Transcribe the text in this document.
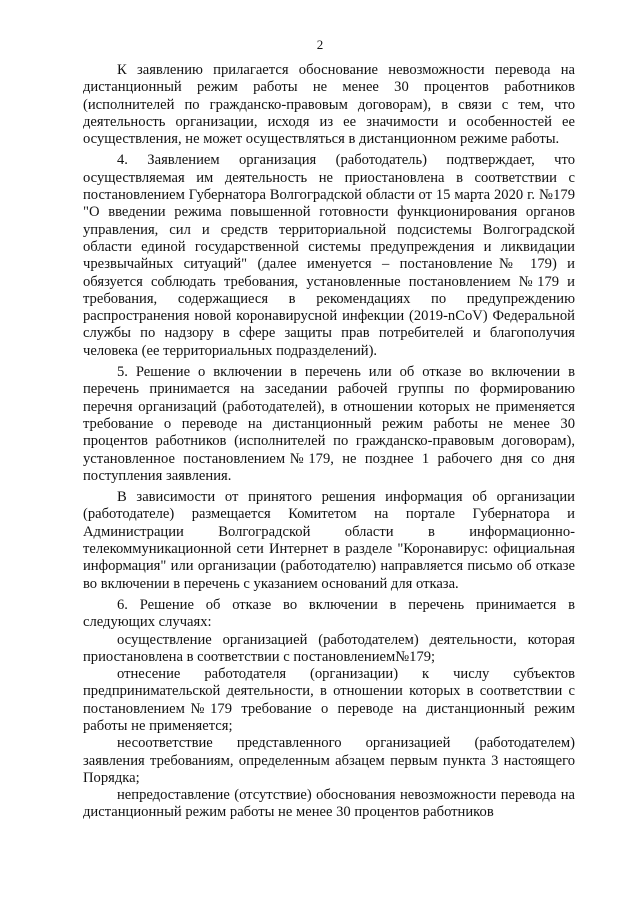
2

К заявлению прилагается обоснование невозможности перевода на дистанционный режим работы не менее 30 процентов работников (исполнителей по гражданско-правовым договорам), в связи с тем, что деятельность организации, исходя из ее значимости и особенностей ее осуществления, не может осуществляться в дистанционном режиме работы.

4. Заявлением организация (работодатель) подтверждает, что осуществляемая им деятельность не приостановлена в соответствии с постановлением Губернатора Волгоградской области от 15 марта 2020 г. №179 "О введении режима повышенной готовности функционирования органов управления, сил и средств территориальной подсистемы Волгоградской области единой государственной системы предупреждения и ликвидации чрезвычайных ситуаций" (далее именуется – постановление№ 179) и обязуется соблюдать требования, установленные постановлением №179 и требования, содержащиеся в рекомендациях по предупреждению распространения новой коронавирусной инфекции (2019-nCoV) Федеральной службы по надзору в сфере защиты прав потребителей и благополучия человека (ее территориальных подразделений).

5. Решение о включении в перечень или об отказе во включении в перечень принимается на заседании рабочей группы по формированию перечня организаций (работодателей), в отношении которых не применяется требование о переводе на дистанционный режим работы не менее 30 процентов работников (исполнителей по гражданско-правовым договорам), установленное постановлением№179, не позднее 1 рабочего дня со дня поступления заявления.

В зависимости от принятого решения информация об организации (работодателе) размещается Комитетом на портале Губернатора и Администрации Волгоградской области в информационно-телекоммуникационной сети Интернет в разделе "Коронавирус: официальная информация" или организации (работодателю) направляется письмо об отказе во включении в перечень с указанием оснований для отказа.

6. Решение об отказе во включении в перечень принимается в следующих случаях:

осуществление организацией (работодателем) деятельности, которая приостановлена в соответствии с постановлением№179;

отнесение работодателя (организации) к числу субъектов предпринимательской деятельности, в отношении которых в соответствии с постановлением№179 требование о переводе на дистанционный режим работы не применяется;

несоответствие представленного организацией (работодателем) заявления требованиям, определенным абзацем первым пункта 3 настоящего Порядка;

непредоставление (отсутствие) обоснования невозможности перевода на дистанционный режим работы не менее 30 процентов работников
